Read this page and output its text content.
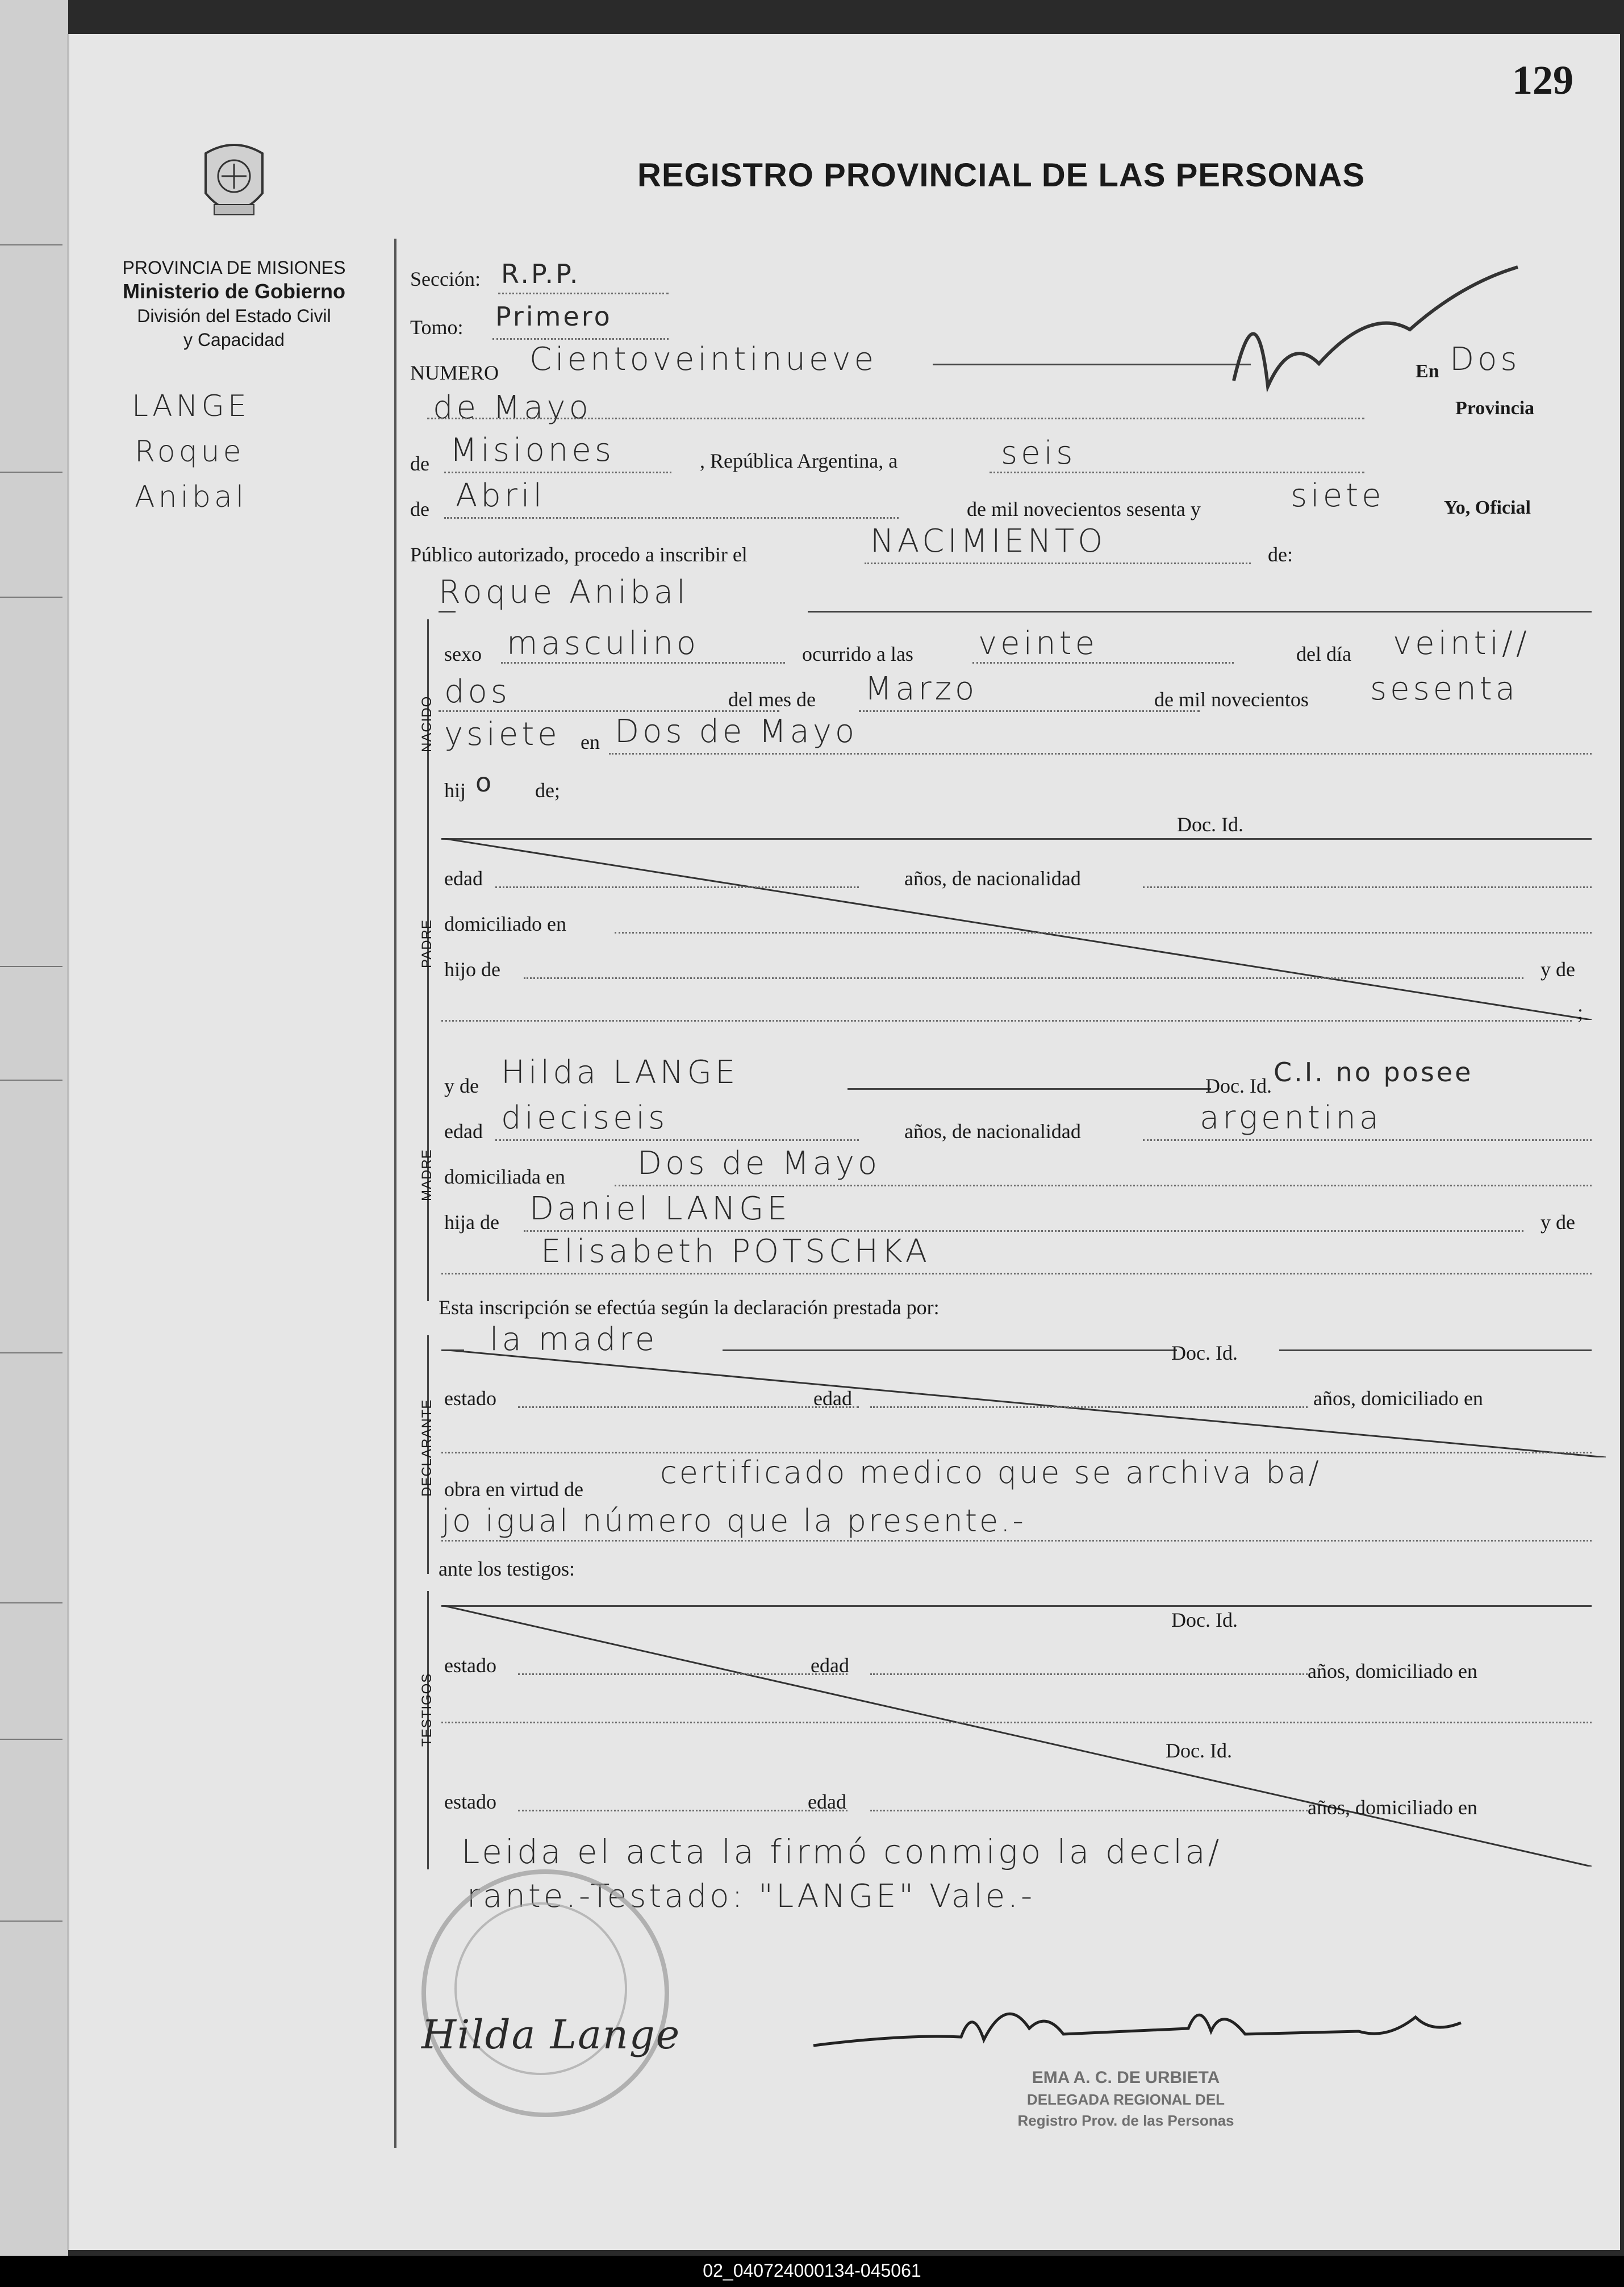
129
REGISTRO PROVINCIAL DE LAS PERSONAS
PROVINCIA DE MISIONES
Ministerio de Gobierno
División del Estado Civil
y Capacidad
LANGE
Roque
Anibal
Sección: R.P.P.
Tomo: Primero
NUMERO Cientoveintinueve	En Dos
de Mayo	Provincia
de Misiones	, República Argentina, a	seis
de Abril	de mil novecientos sesenta y	siete	Yo, Oficial
Público autorizado, procedo a inscribir el	NACIMIENTO	de:
NACIDO
Roque Anibal
sexo masculino	ocurrido a las veinte	del día veinti//
dos	del mes de Marzo	de mil novecientos sesenta
ysiete en Dos de Mayo
hij o de;
PADRE
Doc. Id.
edad	años, de nacionalidad
domiciliado en
hijo de	y de
;
MADRE
y de Hilda LANGE	Doc. Id. C.I. no posee
edad dieciseis	años, de nacionalidad	argentina
domiciliada en Dos de Mayo
hija de Daniel LANGE	y de
Elisabeth POTSCHKA
Esta inscripción se efectúa según la declaración prestada por:
DECLARANTE
la madre	Doc. Id.
estado	edad	años, domiciliado en
obra en virtud de	certificado medico que se archiva ba/
jo igual número que la presente.-
ante los testigos:
TESTIGOS
Doc. Id.
estado	edad	años, domiciliado en
Doc. Id.
estado	edad	años, domiciliado en
Leida el acta la firmó conmigo la decla/
rante.-Testado: "LANGE" Vale.-
Hilda Lange
EMA A. C. DE URBIETA
DELEGADA REGIONAL DEL
Registro Prov. de las Personas
02_040724000134-045061
